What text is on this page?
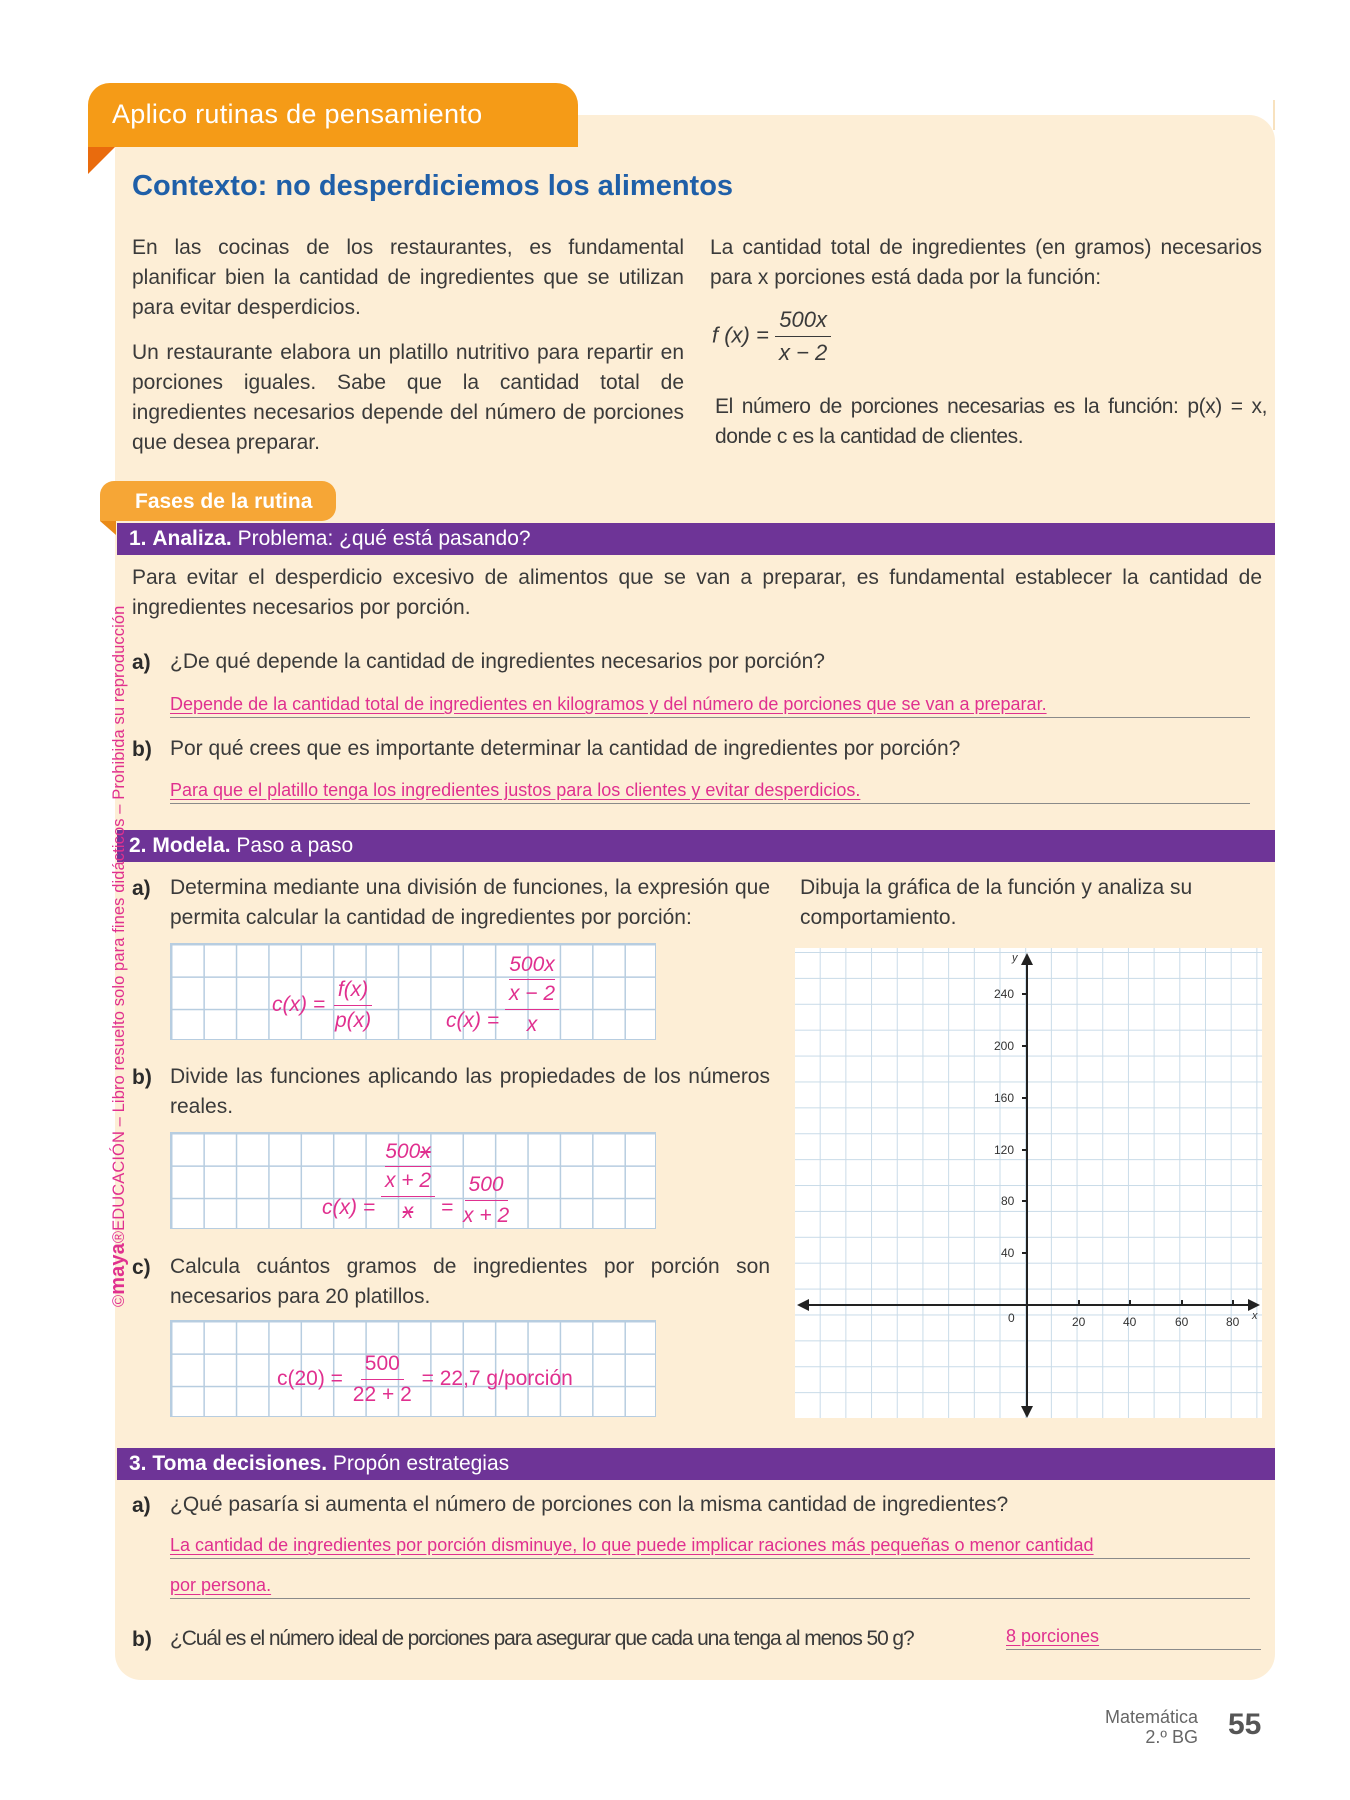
Aplico rutinas de pensamiento
Contexto: no desperdiciemos los alimentos
En las cocinas de los restaurantes, es fundamental planificar bien la cantidad de ingredientes que se utilizan para evitar desperdicios.
Un restaurante elabora un platillo nutritivo para repartir en porciones iguales. Sabe que la cantidad total de ingredientes necesarios depende del número de porciones que desea preparar.
La cantidad total de ingredientes (en gramos) necesarios para x porciones está dada por la función:
f $(x) = \frac{500x}{x - 2}$
El número de porciones necesarias es la función: p(x) = x, donde c es la cantidad de clientes.
Fases de la rutina
1. Analiza. Problema: ¿qué está pasando?
Para evitar el desperdicio excesivo de alimentos que se van a preparar, es fundamental establecer la cantidad de ingredientes necesarios por porción.
a) ¿De qué depende la cantidad de ingredientes necesarios por porción?
Depende de la cantidad total de ingredientes en kilogramos y del número de porciones que se van a preparar.
b) Por qué crees que es importante determinar la cantidad de ingredientes por porción?
Para que el platillo tenga los ingredientes justos para los clientes y evitar desperdicios.
2. Modela. Paso a paso
a) Determina mediante una división de funciones, la expresión que permita calcular la cantidad de ingredientes por porción:
Dibuja la gráfica de la función y analiza su comportamiento.
$c(x) = \frac{f(x)}{p(x)}$	c(x) = 500x
x − 2
x
b) Divide las funciones aplicando las propiedades de los números reales.
c(x) = 500x
x + 2
$x = \frac{500}{x + 2}$
c) Calcula cuántos gramos de ingredientes por porción son necesarios para 20 platillos.
$c(20) = \frac{500}{22 + 2} = 22,7$ g/porción
y
x
240
200
160
120
80
40
0	20	40	60	80
3. Toma decisiones. Propón estrategias
a) ¿Qué pasaría si aumenta el número de porciones con la misma cantidad de ingredientes?
La cantidad de ingredientes por porción disminuye, lo que puede implicar raciones más pequeñas o menor cantidad
por persona.
b) ¿Cuál es el número ideal de porciones para asegurar que cada una tenga al menos 50 g?	8 porciones
©maya®EDUCACIÓN – Libro resuelto solo para fines didácticos – Prohibida su reproducción
Matemática
2.º BG 55
